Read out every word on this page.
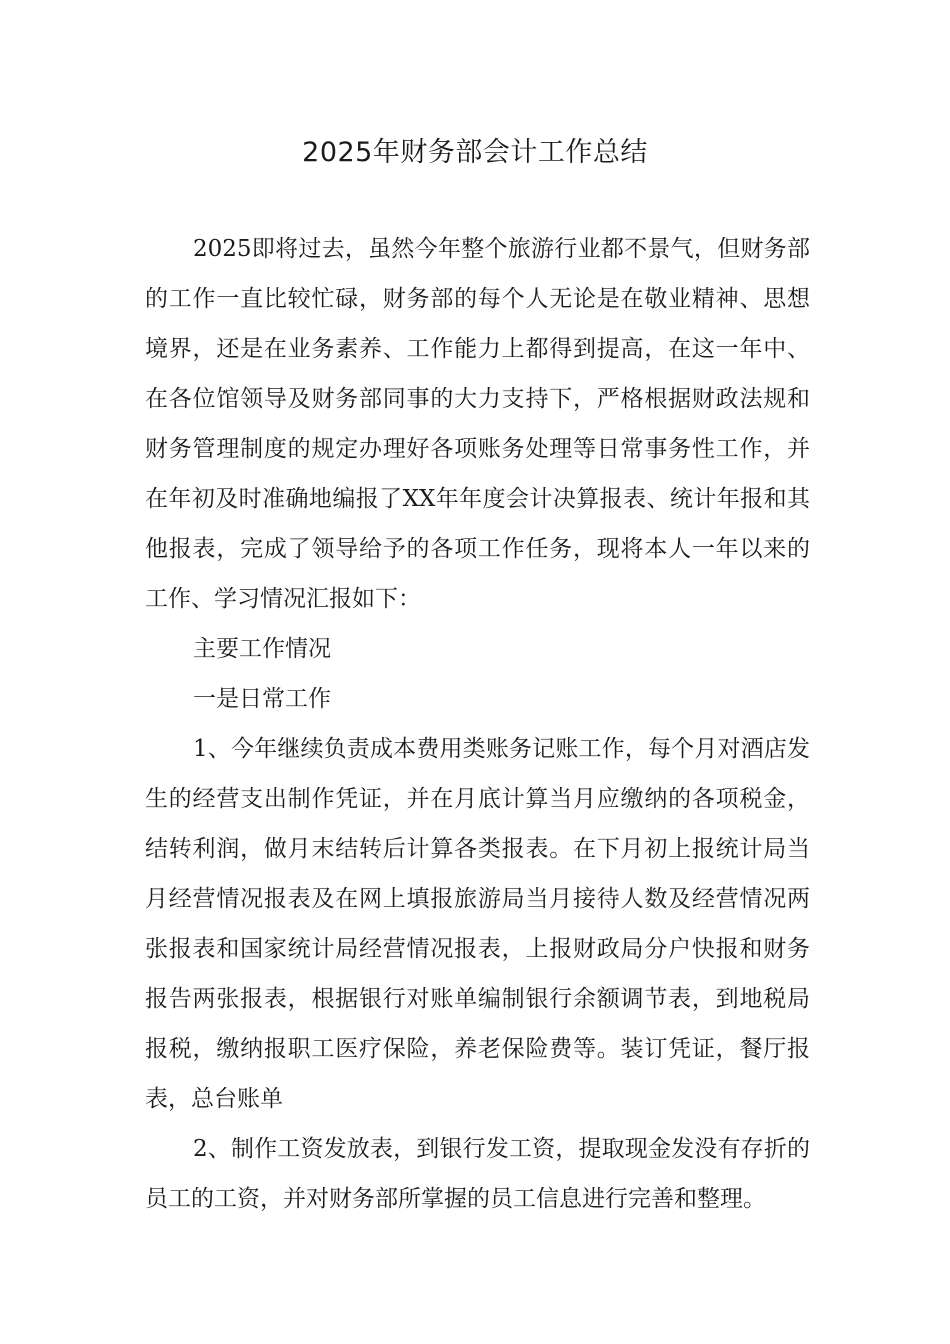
2025年财务部会计工作总结

2025即将过去，虽然今年整个旅游行业都不景气，但财务部的工作一直比较忙碌，财务部的每个人无论是在敬业精神、思想境界，还是在业务素养、工作能力上都得到提高，在这一年中、在各位馆领导及财务部同事的大力支持下，严格根据财政法规和财务管理制度的规定办理好各项账务处理等日常事务性工作，并在年初及时准确地编报了XX年年度会计决算报表、统计年报和其他报表，完成了领导给予的各项工作任务，现将本人一年以来的工作、学习情况汇报如下：

主要工作情况

一是日常工作

1、今年继续负责成本费用类账务记账工作，每个月对酒店发生的经营支出制作凭证，并在月底计算当月应缴纳的各项税金，结转利润，做月末结转后计算各类报表。在下月初上报统计局当月经营情况报表及在网上填报旅游局当月接待人数及经营情况两张报表和国家统计局经营情况报表，上报财政局分户快报和财务报告两张报表，根据银行对账单编制银行余额调节表，到地税局报税，缴纳报职工医疗保险，养老保险费等。装订凭证，餐厅报表，总台账单

2、制作工资发放表，到银行发工资，提取现金发没有存折的员工的工资，并对财务部所掌握的员工信息进行完善和整理。
